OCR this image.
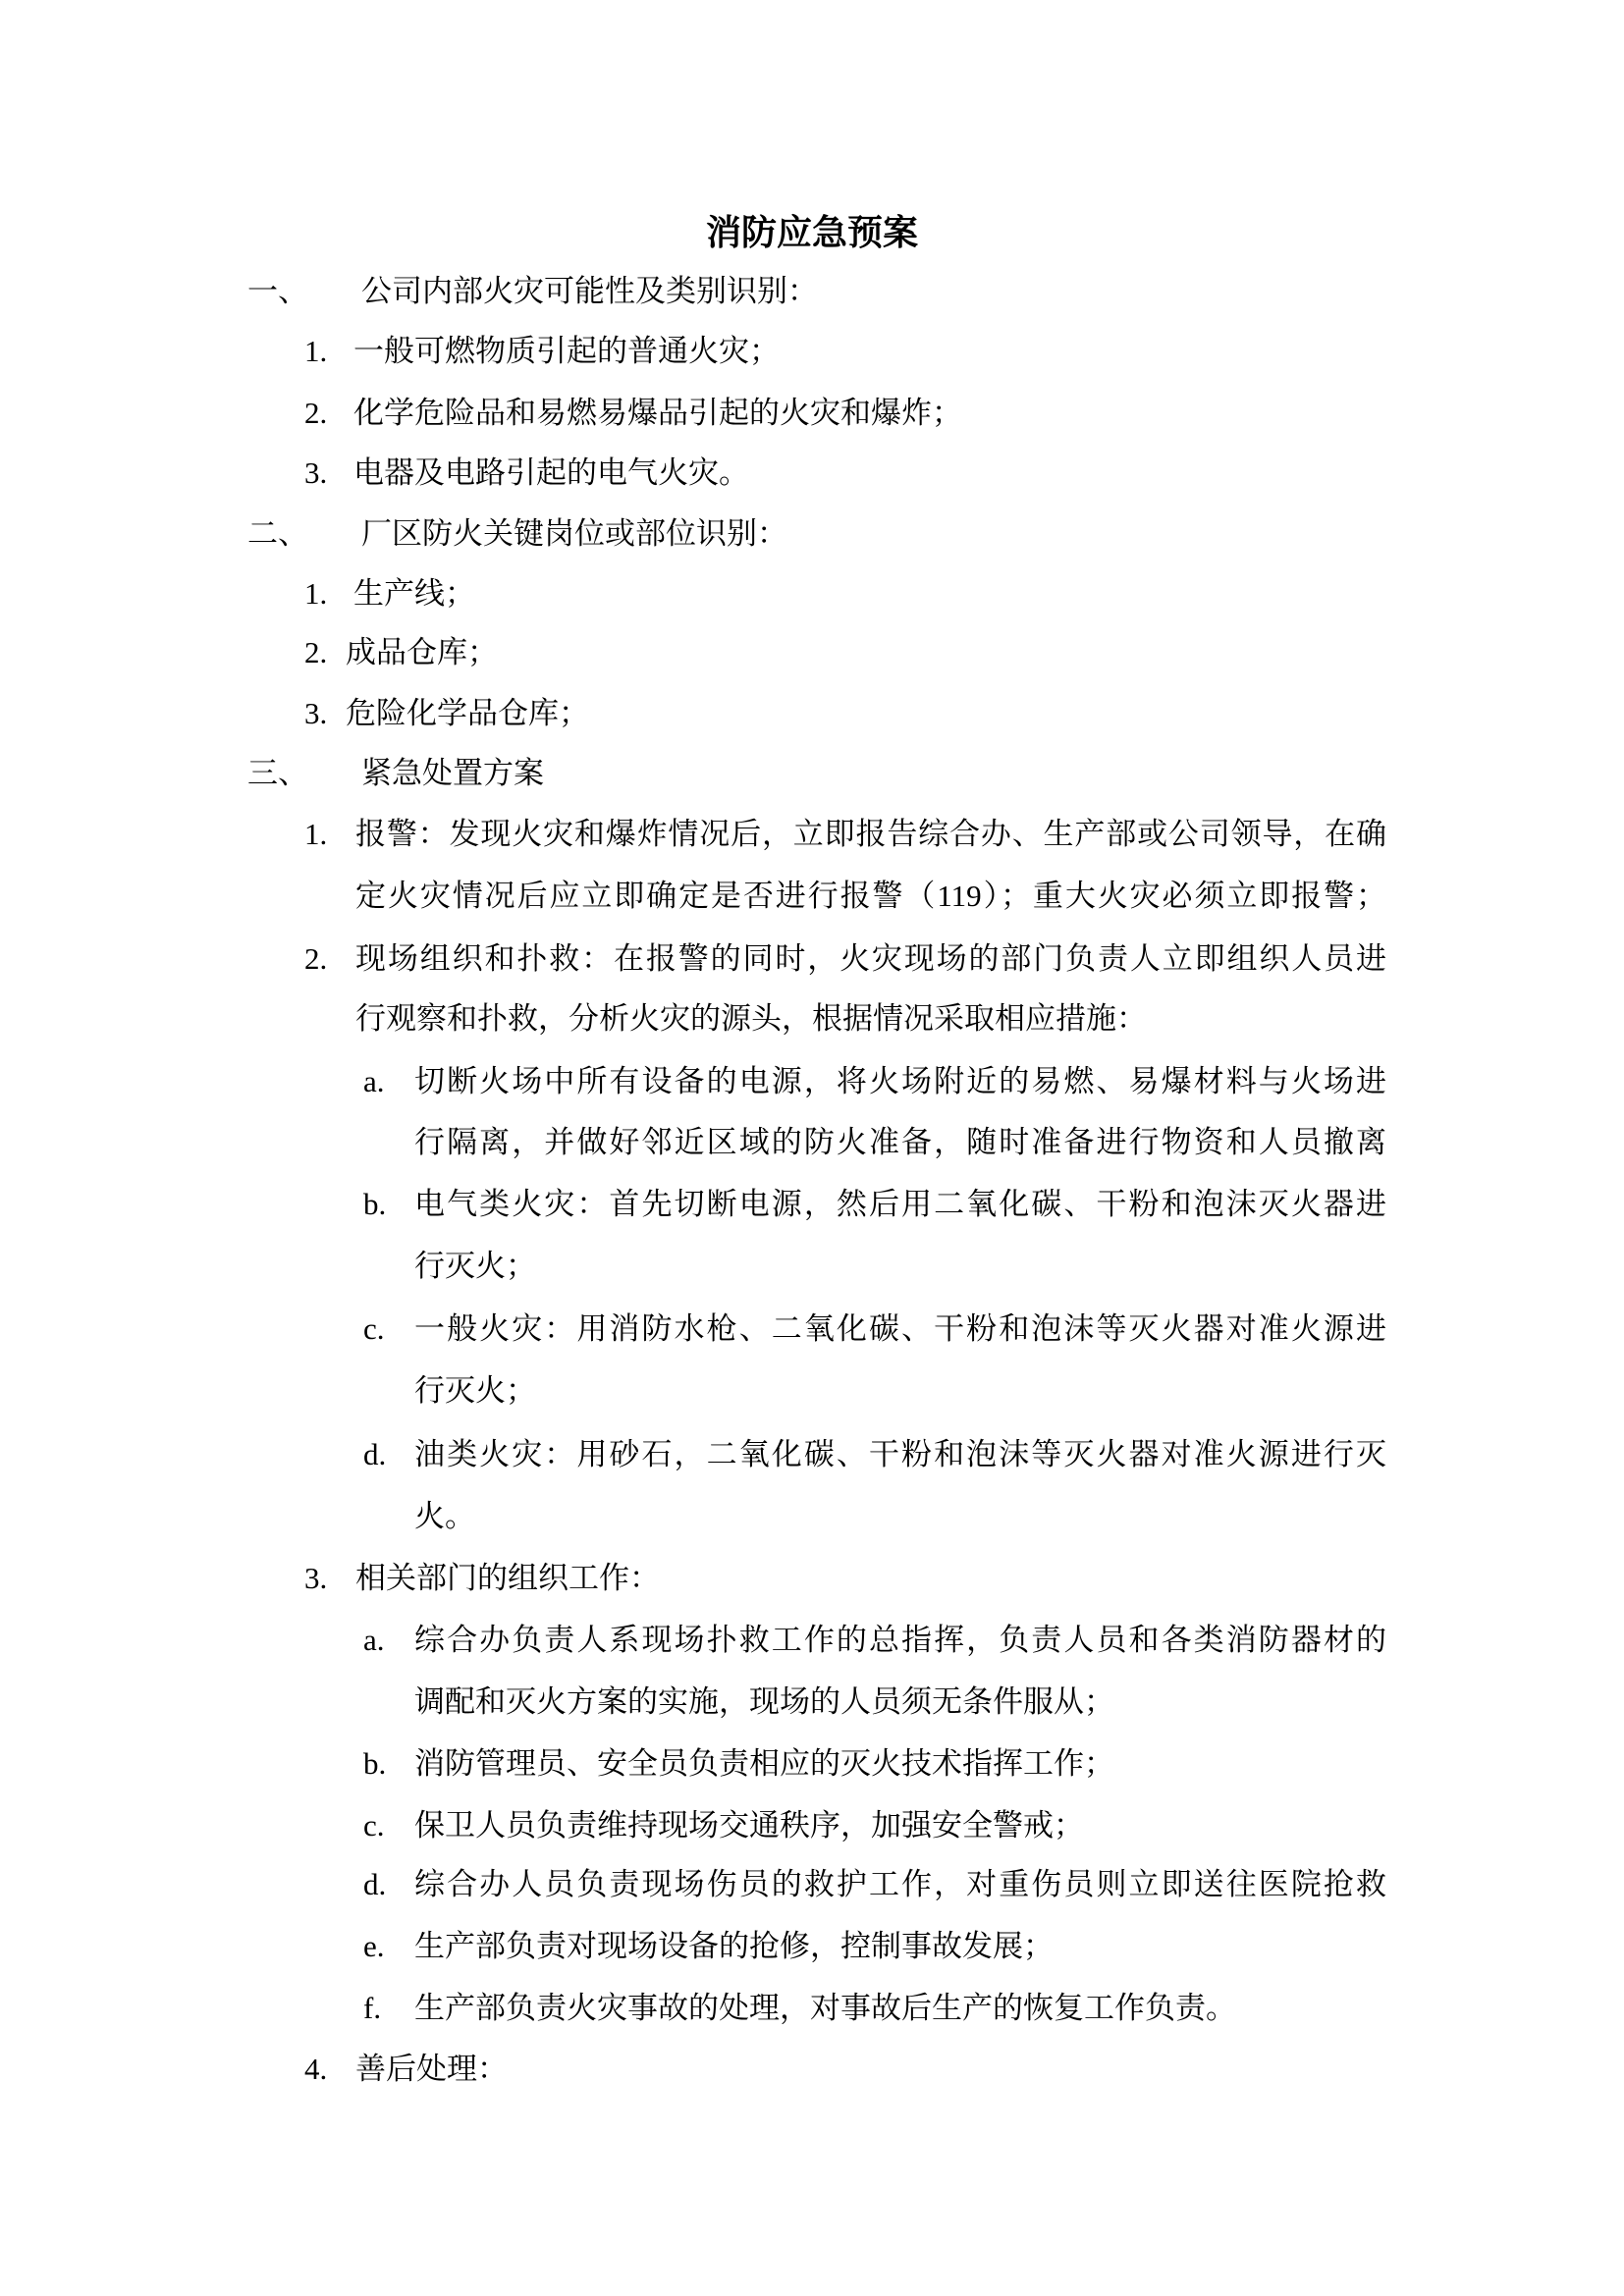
消防应急预案
一、 公司内部火灾可能性及类别识别：
1. 一般可燃物质引起的普通火灾；
2. 化学危险品和易燃易爆品引起的火灾和爆炸；
3. 电器及电路引起的电气火灾。
二、 厂区防火关键岗位或部位识别：
1. 生产线；
2. 成品仓库；
3. 危险化学品仓库；
三、 紧急处置方案
1. 报警：发现火灾和爆炸情况后，立即报告综合办、生产部或公司领导，在确
定火灾情况后应立即确定是否进行报警（119）；重大火灾必须立即报警；
2. 现场组织和扑救：在报警的同时，火灾现场的部门负责人立即组织人员进
行观察和扑救，分析火灾的源头，根据情况采取相应措施：
a. 切断火场中所有设备的电源，将火场附近的易燃、易爆材料与火场进
行隔离，并做好邻近区域的防火准备，随时准备进行物资和人员撤离
b. 电气类火灾：首先切断电源，然后用二氧化碳、干粉和泡沫灭火器进
行灭火；
c. 一般火灾：用消防水枪、二氧化碳、干粉和泡沫等灭火器对准火源进
行灭火；
d. 油类火灾：用砂石，二氧化碳、干粉和泡沫等灭火器对准火源进行灭
火。
3. 相关部门的组织工作：
a. 综合办负责人系现场扑救工作的总指挥，负责人员和各类消防器材的
调配和灭火方案的实施，现场的人员须无条件服从；
b. 消防管理员、安全员负责相应的灭火技术指挥工作；
c. 保卫人员负责维持现场交通秩序，加强安全警戒；
d. 综合办人员负责现场伤员的救护工作，对重伤员则立即送往医院抢救
e. 生产部负责对现场设备的抢修，控制事故发展；
f. 生产部负责火灾事故的处理，对事故后生产的恢复工作负责。
4. 善后处理：
